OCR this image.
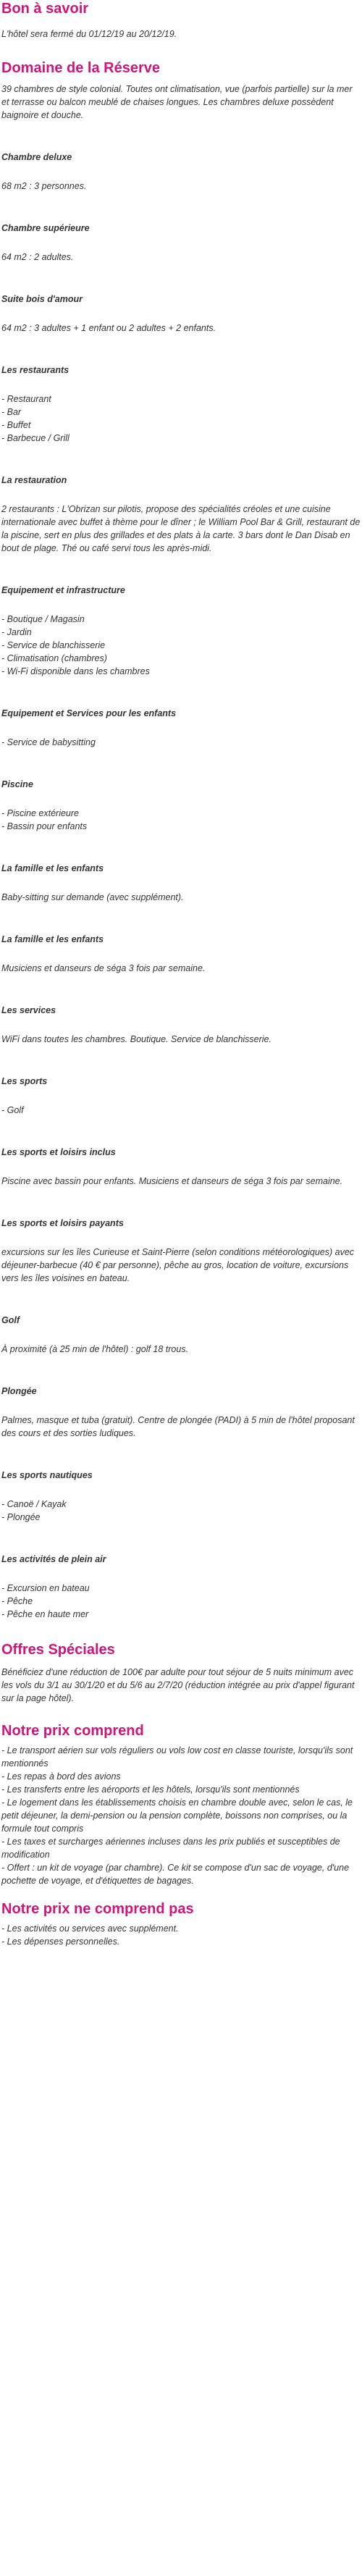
Bon à savoir

L'hôtel sera fermé du 01/12/19 au 20/12/19.

Domaine de la Réserve

39 chambres de style colonial. Toutes ont climatisation, vue (parfois partielle) sur la mer et terrasse ou balcon meublé de chaises longues. Les chambres deluxe possèdent baignoire et douche.

Chambre deluxe

68 m2 : 3 personnes.

Chambre supérieure

64 m2 : 2 adultes.

Suite bois d'amour

64 m2 : 3 adultes + 1 enfant ou 2 adultes + 2 enfants.

Les restaurants
- Restaurant
- Bar
- Buffet
- Barbecue / Grill
La restauration

2 restaurants : L'Obrizan sur pilotis, propose des spécialités créoles et une cuisine internationale avec buffet à thème pour le dîner ; le William Pool Bar & Grill, restaurant de la piscine, sert en plus des grillades et des plats à la carte. 3 bars dont le Dan Disab en bout de plage. Thé ou café servi tous les après-midi.

Equipement et infrastructure
- Boutique / Magasin
- Jardin
- Service de blanchisserie
- Climatisation (chambres)
- Wi-Fi disponible dans les chambres
Equipement et Services pour les enfants
- Service de babysitting
Piscine
- Piscine extérieure
- Bassin pour enfants
La famille et les enfants

Baby-sitting sur demande (avec supplément).

La famille et les enfants

Musiciens et danseurs de séga 3 fois par semaine.

Les services

WiFi dans toutes les chambres. Boutique. Service de blanchisserie.

Les sports
- Golf
Les sports et loisirs inclus

Piscine avec bassin pour enfants. Musiciens et danseurs de séga 3 fois par semaine.

Les sports et loisirs payants

excursions sur les îles Curieuse et Saint-Pierre (selon conditions météorologiques) avec déjeuner-barbecue (40 € par personne), pêche au gros, location de voiture, excursions vers les îles voisines en bateau.

Golf

À proximité (à 25 min de l'hôtel) : golf 18 trous.

Plongée

Palmes, masque et tuba (gratuit). Centre de plongée (PADI) à 5 min de l'hôtel proposant des cours et des sorties ludiques.

Les sports nautiques
- Canoë / Kayak
- Plongée
Les activités de plein air
- Excursion en bateau
- Pêche
- Pêche en haute mer
Offres Spéciales

Bénéficiez d'une réduction de 100€ par adulte pour tout séjour de 5 nuits minimum avec les vols du 3/1 au 30/1/20 et du 5/6 au 2/7/20 (réduction intégrée au prix d'appel figurant sur la page hôtel).

Notre prix comprend
- Le transport aérien sur vols réguliers ou vols low cost en classe touriste, lorsqu'ils sont mentionnés
- Les repas à bord des avions
- Les transferts entre les aéroports et les hôtels, lorsqu'ils sont mentionnés
- Le logement dans les établissements choisis en chambre double avec, selon le cas, le petit déjeuner, la demi-pension ou la pension complète, boissons non comprises, ou la formule tout compris
- Les taxes et surcharges aériennes incluses dans les prix publiés et susceptibles de modification
- Offert : un kit de voyage (par chambre). Ce kit se compose d'un sac de voyage, d'une pochette de voyage, et d'étiquettes de bagages.
Notre prix ne comprend pas
- Les activités ou services avec supplément.
- Les dépenses personnelles.
